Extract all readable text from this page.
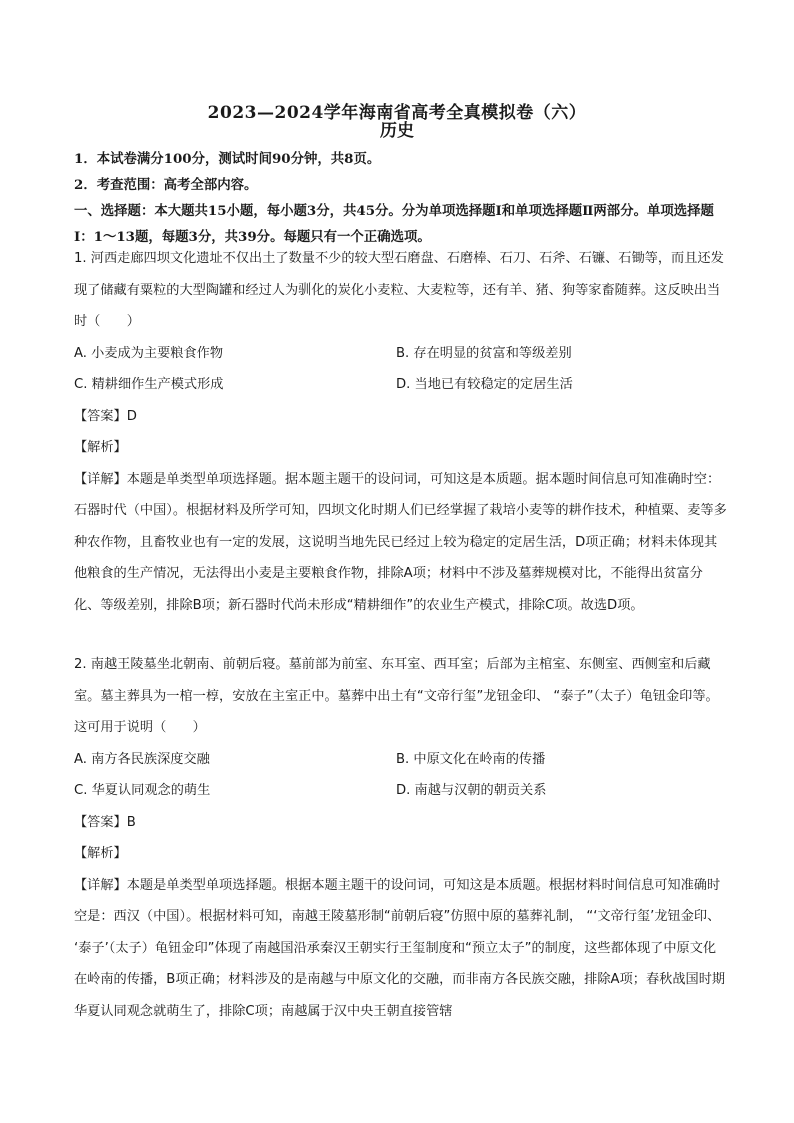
2023—2024学年海南省高考全真模拟卷（六）
历史

1．本试卷满分100分，测试时间90分钟，共8页。

2．考查范围：高考全部内容。

一、选择题：本大题共15小题，每小题3分，共45分。分为单项选择题Ⅰ和单项选择题Ⅱ两部分。单项选择题Ⅰ：1～13题，每题3分，共39分。每题只有一个正确选项。

1. 河西走廊四坝文化遗址不仅出土了数量不少的较大型石磨盘、石磨棒、石刀、石斧、石镰、石锄等，而且还发现了储藏有粟粒的大型陶罐和经过人为驯化的炭化小麦粒、大麦粒等，还有羊、猪、狗等家畜随葬。这反映出当时（　　）

A. 小麦成为主要粮食作物	B. 存在明显的贫富和等级差别
C. 精耕细作生产模式形成	D. 当地已有较稳定的定居生活

【答案】D

【解析】

【详解】本题是单类型单项选择题。据本题主题干的设问词，可知这是本质题。据本题时间信息可知准确时空：石器时代（中国）。根据材料及所学可知，四坝文化时期人们已经掌握了栽培小麦等的耕作技术，种植粟、麦等多种农作物，且畜牧业也有一定的发展，这说明当地先民已经过上较为稳定的定居生活，D项正确；材料未体现其他粮食的生产情况，无法得出小麦是主要粮食作物，排除A项；材料中不涉及墓葬规模对比，不能得出贫富分化、等级差别，排除B项；新石器时代尚未形成“精耕细作”的农业生产模式，排除C项。故选D项。

2. 南越王陵墓坐北朝南、前朝后寝。墓前部为前室、东耳室、西耳室；后部为主棺室、东侧室、西侧室和后藏室。墓主葬具为一棺一椁，安放在主室正中。墓葬中出土有“文帝行玺”龙钮金印、 “泰子”（太子）龟钮金印等。这可用于说明（　　）

A. 南方各民族深度交融	B. 中原文化在岭南的传播
C. 华夏认同观念的萌生	D. 南越与汉朝的朝贡关系

【答案】B

【解析】

【详解】本题是单类型单项选择题。根据本题主题干的设问词，可知这是本质题。根据材料时间信息可知准确时空是：西汉（中国）。根据材料可知，南越王陵墓形制“前朝后寝”仿照中原的墓葬礼制， “‘文帝行玺’龙钮金印、 ‘泰子’（太子）龟钮金印”体现了南越国沿承秦汉王朝实行王玺制度和“预立太子”的制度，这些都体现了中原文化在岭南的传播，B项正确；材料涉及的是南越与中原文化的交融，而非南方各民族交融，排除A项；春秋战国时期华夏认同观念就萌生了，排除C项；南越属于汉中央王朝直接管辖
